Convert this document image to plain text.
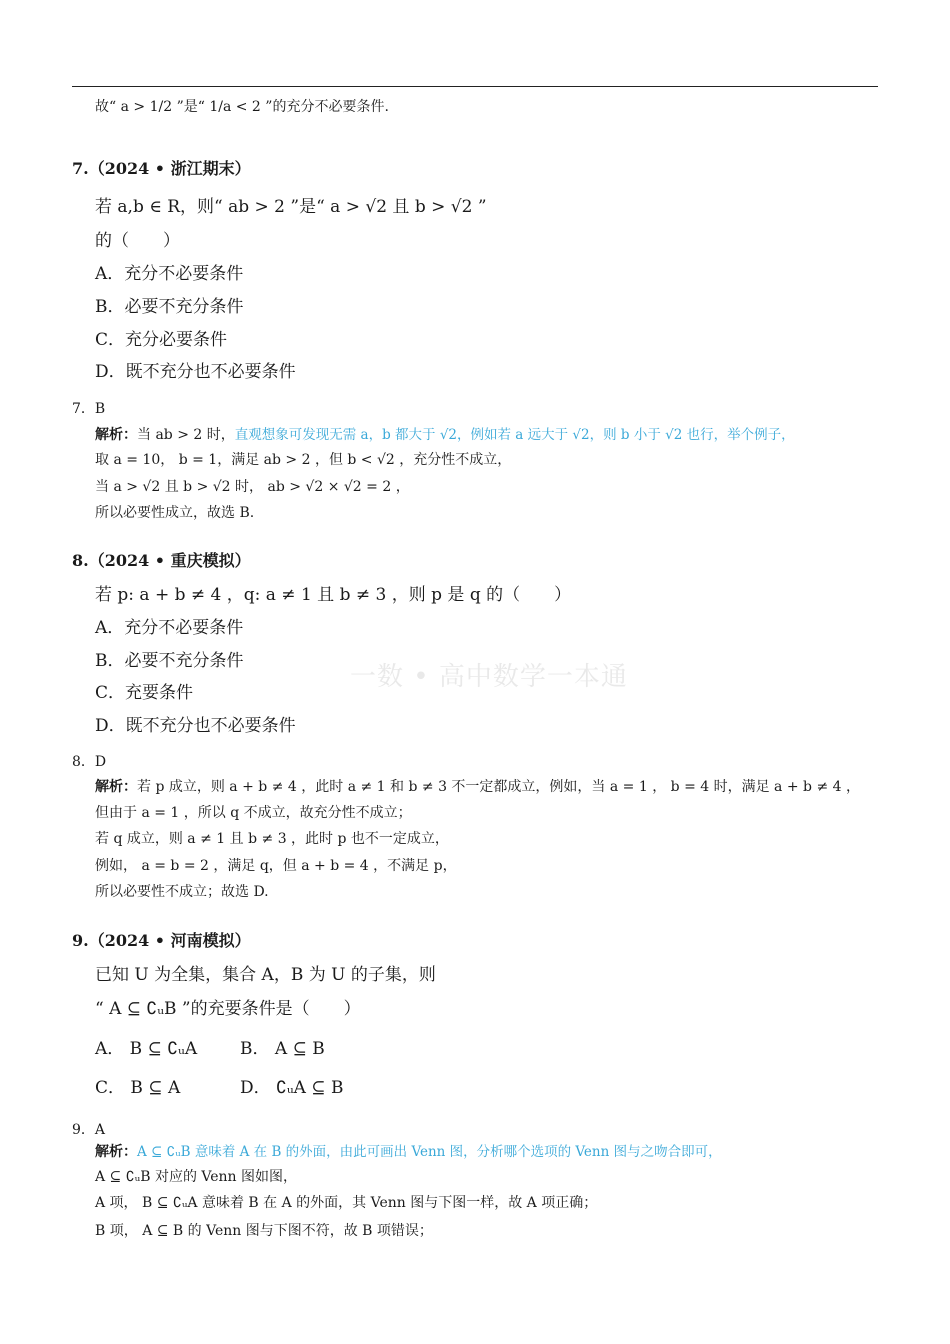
故“ a > 1/2 ”是“ 1/a < 2 ”的充分不必要条件.
7.（2024 • 浙江期末）
若 a,b ∈ R，则“ ab > 2 ”是“ a > √2 且 b > √2 ”
的（　　）
A．充分不必要条件
B．必要不充分条件
C．充分必要条件
D．既不充分也不必要条件
7．B
解析：当 ab > 2 时，直观想象可发现无需 a，b 都大于 √2，例如若 a 远大于 √2，则 b 小于 √2 也行，举个例子，
取 a = 10， b = 1，满足 ab > 2 ，但 b < √2 ，充分性不成立，
当 a > √2 且 b > √2 时， ab > √2 × √2 = 2 ，
所以必要性成立，故选 B.
8.（2024 • 重庆模拟）
若 p: a + b ≠ 4 ，q: a ≠ 1 且 b ≠ 3 ，则 p 是 q 的（　　）
A．充分不必要条件
B．必要不充分条件
C．充要条件
D．既不充分也不必要条件
一数 • 高中数学一本通
8．D
解析：若 p 成立，则 a + b ≠ 4 ，此时 a ≠ 1 和 b ≠ 3 不一定都成立，例如，当 a = 1 ， b = 4 时，满足 a + b ≠ 4 ，
但由于 a = 1 ，所以 q 不成立，故充分性不成立；
若 q 成立，则 a ≠ 1 且 b ≠ 3 ，此时 p 也不一定成立，
例如， a = b = 2 ，满足 q，但 a + b = 4 ，不满足 p，
所以必要性不成立；故选 D.
9.（2024 • 河南模拟）
已知 U 为全集，集合 A，B 为 U 的子集，则
“ A ⊆ ∁ᵤB ”的充要条件是（　　）
A． B ⊆ ∁ᵤA	B． A ⊆ B
C． B ⊆ A	D． ∁ᵤA ⊆ B
9．A
解析：A ⊆ ∁ᵤB 意味着 A 在 B 的外面，由此可画出 Venn 图，分析哪个选项的 Venn 图与之吻合即可，
A ⊆ ∁ᵤB 对应的 Venn 图如图，
A 项， B ⊆ ∁ᵤA 意味着 B 在 A 的外面，其 Venn 图与下图一样，故 A 项正确；
B 项， A ⊆ B 的 Venn 图与下图不符，故 B 项错误；
